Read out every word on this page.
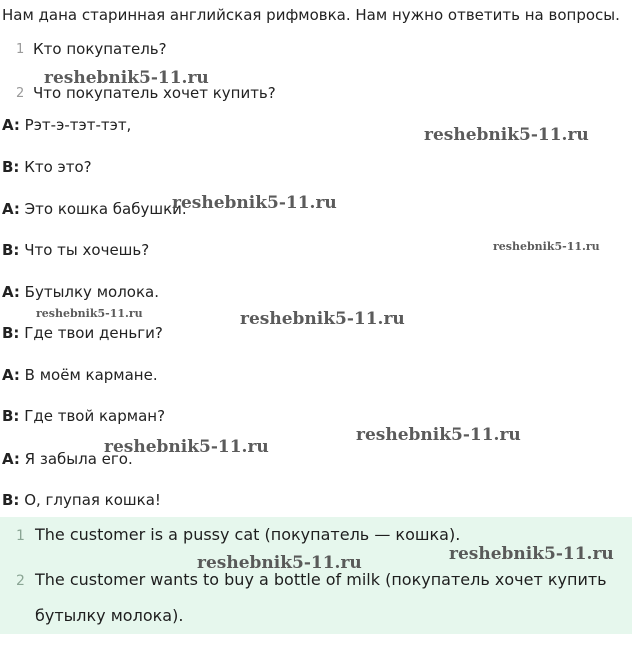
Нам дана старинная английская рифмовка. Нам нужно ответить на вопросы.
1 Кто покупатель?
2 Что покупатель хочет купить?
A: Рэт-э-тэт-тэт,
B: Кто это?
A: Это кошка бабушки.
B: Что ты хочешь?
A: Бутылку молока.
B: Где твои деньги?
A: В моём кармане.
B: Где твой карман?
A: Я забыла его.
B: О, глупая кошка!
1 The customer is a pussy cat (покупатель — кошка).
2 The customer wants to buy a bottle of milk (покупатель хочет купить
бутылку молока).
reshebnik5-11.ru
reshebnik5-11.ru
reshebnik5-11.ru
reshebnik5-11.ru
reshebnik5-11.ru	reshebnik5-11.ru
reshebnik5-11.ru
reshebnik5-11.ru
reshebnik5-11.ru
reshebnik5-11.ru
